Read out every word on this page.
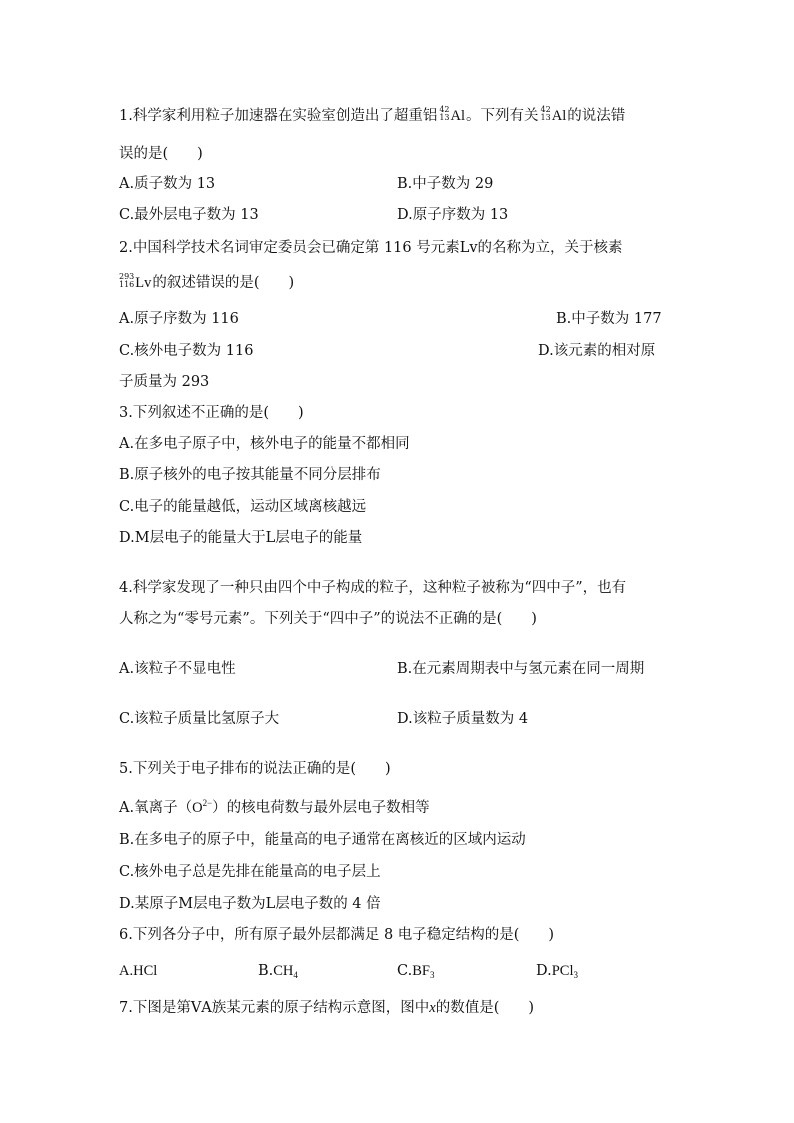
1.科学家利用粒子加速器在实验室创造出了超重铝 42
13 Al。下列有关 42
13 Al的说法错
误的是(　　)
A.质子数为 13	B.中子数为 29
C.最外层电子数为 13	D.原子序数为 13
2.中国科学技术名词审定委员会已确定第 116 号元素Lv的名称为立，关于核素
293
116 Lv的叙述错误的是(　　)
A.原子序数为 116	B.中子数为 177
C.核外电子数为 116	D.该元素的相对原
子质量为 293
3.下列叙述不正确的是(　　)
A.在多电子原子中，核外电子的能量不都相同
B.原子核外的电子按其能量不同分层排布
C.电子的能量越低，运动区域离核越远
D.M层电子的能量大于L层电子的能量
4.科学家发现了一种只由四个中子构成的粒子，这种粒子被称为“四中子”，也有
人称之为“零号元素”。下列关于“四中子”的说法不正确的是(　　)
A.该粒子不显电性	B.在元素周期表中与氢元素在同一周期
C.该粒子质量比氢原子大	D.该粒子质量数为 4
5.下列关于电子排布的说法正确的是(　　)
A.氧离子$(O^{2-})$的核电荷数与最外层电子数相等
B.在多电子的原子中，能量高的电子通常在离核近的区域内运动
C.核外电子总是先排在能量高的电子层上
D.某原子M层电子数为L层电子数的 4 倍
6.下列各分子中，所有原子最外层都满足 8 电子稳定结构的是(　　)
A.HCl	$B.CH_4$	$C.BF_3$	D.PCl$_3$
7.下图是第ⅤA族某元素的原子结构示意图，图中x的数值是(　　)
